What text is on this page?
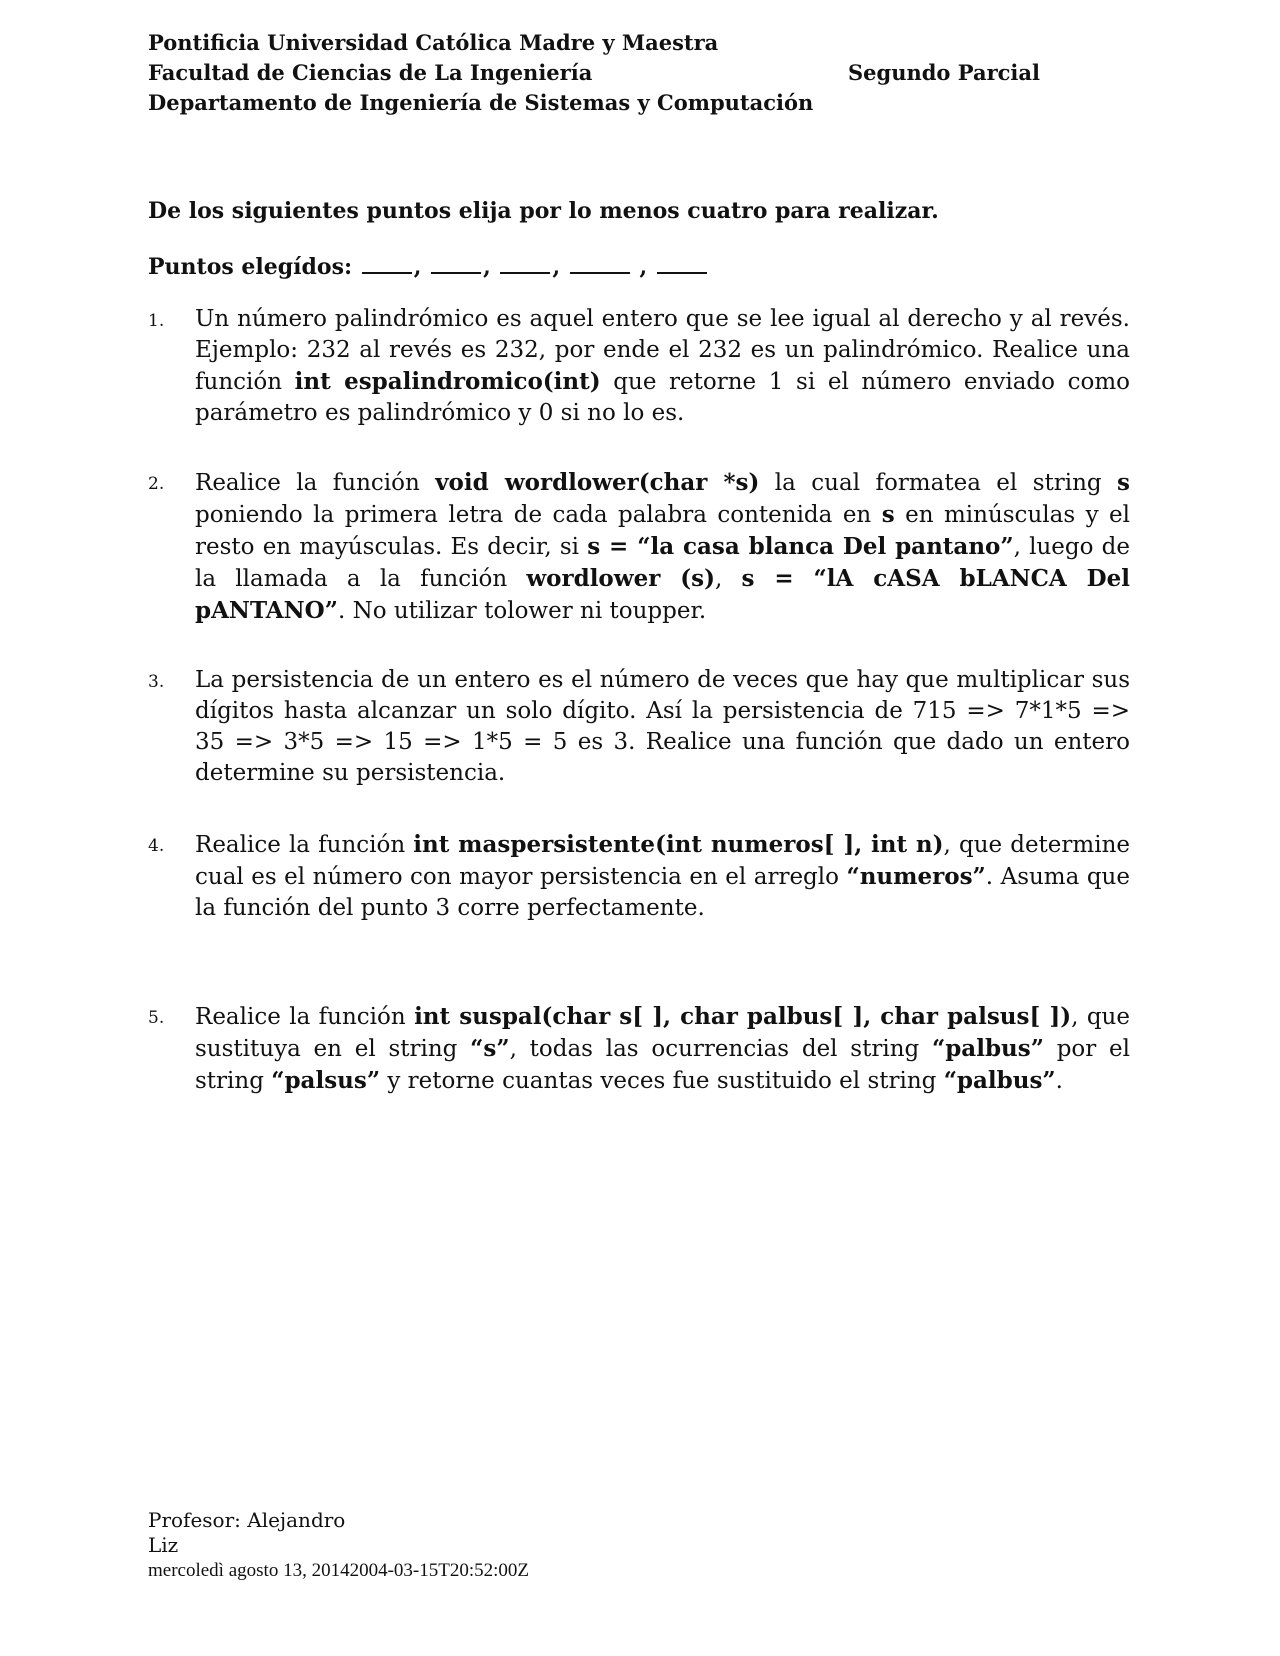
Pontificia Universidad Católica Madre y Maestra
Facultad de Ciencias de La Ingeniería	Segundo Parcial
Departamento de Ingeniería de Sistemas y Computación
De los siguientes puntos elija por lo menos cuatro para realizar.
Puntos elegídos:	,	,	,	,
1. Un número palindrómico es aquel entero que se lee igual al derecho y al revés. Ejemplo: 232 al revés es 232, por ende el 232 es un palindrómico. Realice una función int espalindromico(int) que retorne 1 si el número enviado como parámetro es palindrómico y 0 si no lo es.
2. Realice la función void wordlower(char *s) la cual formatea el string s poniendo la primera letra de cada palabra contenida en s en minúsculas y el resto en mayúsculas. Es decir, si s = “la casa blanca Del pantano”, luego de la llamada a la función wordlower (s), s = “lA cASA bLANCA Del pANTANO”. No utilizar tolower ni toupper.
3. La persistencia de un entero es el número de veces que hay que multiplicar sus dígitos hasta alcanzar un solo dígito. Así la persistencia de 715 => 7*1*5 => 35 => 3*5 => 15 => 1*5 = 5 es 3. Realice una función que dado un entero determine su persistencia.
4. Realice la función int maspersistente(int numeros[ ], int n), que determine cual es el número con mayor persistencia en el arreglo “numeros”. Asuma que la función del punto 3 corre perfectamente.
5. Realice la función int suspal(char s[ ], char palbus[ ], char palsus[ ]), que sustituya en el string “s”, todas las ocurrencias del string “palbus” por el string “palsus” y retorne cuantas veces fue sustituido el string “palbus”.
Profesor: Alejandro
Liz
mercoledì agosto 13, 20142004-03-15T20:52:00Z
